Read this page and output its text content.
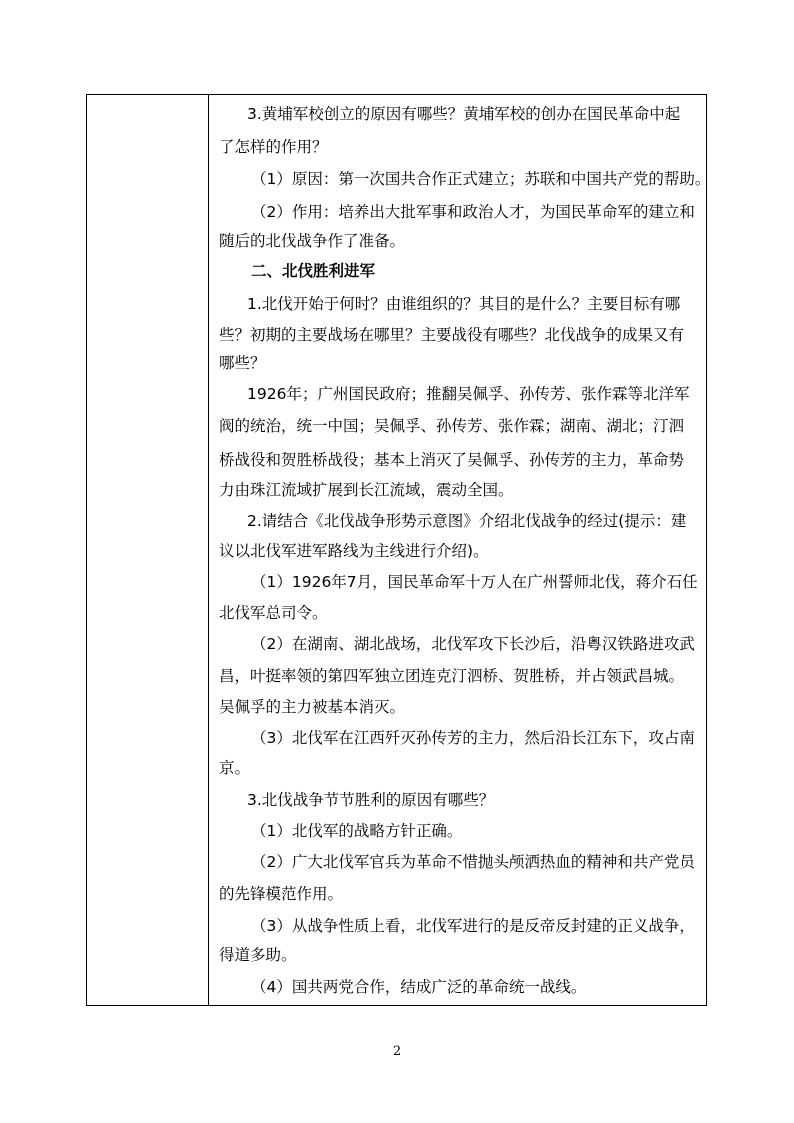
3.黄埔军校创立的原因有哪些？黄埔军校的创办在国民革命中起
了怎样的作用？
（1）原因：第一次国共合作正式建立；苏联和中国共产党的帮助。
（2）作用：培养出大批军事和政治人才，为国民革命军的建立和
随后的北伐战争作了准备。
二、北伐胜利进军
1.北伐开始于何时？由谁组织的？其目的是什么？主要目标有哪
些？初期的主要战场在哪里？主要战役有哪些？北伐战争的成果又有
哪些？
1926年；广州国民政府；推翻吴佩孚、孙传芳、张作霖等北洋军
阀的统治，统一中国；吴佩孚、孙传芳、张作霖；湖南、湖北；汀泗
桥战役和贺胜桥战役；基本上消灭了吴佩孚、孙传芳的主力，革命势
力由珠江流域扩展到长江流域，震动全国。
2.请结合《北伐战争形势示意图》介绍北伐战争的经过(提示：建
议以北伐军进军路线为主线进行介绍)。
（1）1926年7月，国民革命军十万人在广州誓师北伐，蒋介石任
北伐军总司令。
（2）在湖南、湖北战场，北伐军攻下长沙后，沿粤汉铁路进攻武
昌，叶挺率领的第四军独立团连克汀泗桥、贺胜桥，并占领武昌城。
吴佩孚的主力被基本消灭。
（3）北伐军在江西歼灭孙传芳的主力，然后沿长江东下，攻占南
京。
3.北伐战争节节胜利的原因有哪些？
（1）北伐军的战略方针正确。
（2）广大北伐军官兵为革命不惜抛头颅洒热血的精神和共产党员
的先锋模范作用。
（3）从战争性质上看，北伐军进行的是反帝反封建的正义战争，
得道多助。
（4）国共两党合作，结成广泛的革命统一战线。
2
